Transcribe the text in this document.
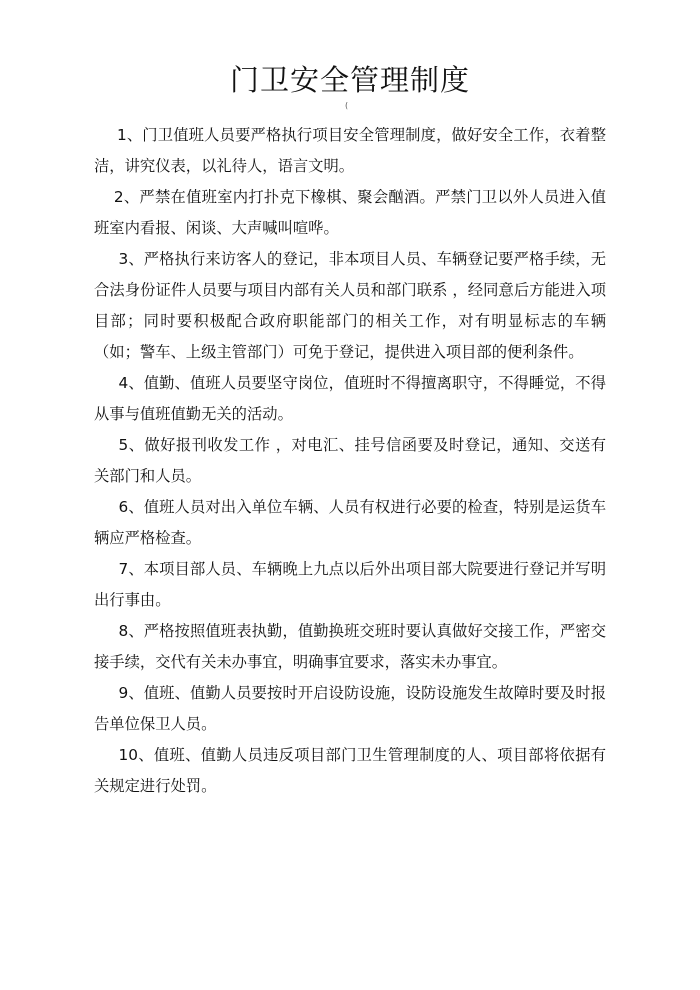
门卫安全管理制度
(

1、门卫值班人员要严格执行项目安全管理制度，做好安全工作，衣着整洁，讲究仪表，以礼待人，语言文明。

2、严禁在值班室内打扑克下橡棋、聚会酗酒。严禁门卫以外人员进入值班室内看报、闲谈、大声喊叫喧哗。

3、严格执行来访客人的登记，非本项目人员、车辆登记要严格手续，无合法身份证件人员要与项目内部有关人员和部门联系 ，经同意后方能进入项目部；同时要积极配合政府职能部门的相关工作，对有明显标志的车辆（如；警车、上级主管部门）可免于登记，提供进入项目部的便利条件。

4、值勤、值班人员要坚守岗位，值班时不得擅离职守，不得睡觉，不得从事与值班值勤无关的活动。

5、做好报刊收发工作 ，对电汇、挂号信函要及时登记，通知、交送有关部门和人员。

6、值班人员对出入单位车辆、人员有权进行必要的检查，特别是运货车辆应严格检查。

7、本项目部人员、车辆晚上九点以后外出项目部大院要进行登记并写明出行事由。

8、严格按照值班表执勤，值勤换班交班时要认真做好交接工作，严密交接手续，交代有关未办事宜，明确事宜要求，落实未办事宜。

9、值班、值勤人员要按时开启设防设施，设防设施发生故障时要及时报告单位保卫人员。

10、值班、值勤人员违反项目部门卫生管理制度的人、项目部将依据有关规定进行处罚。
